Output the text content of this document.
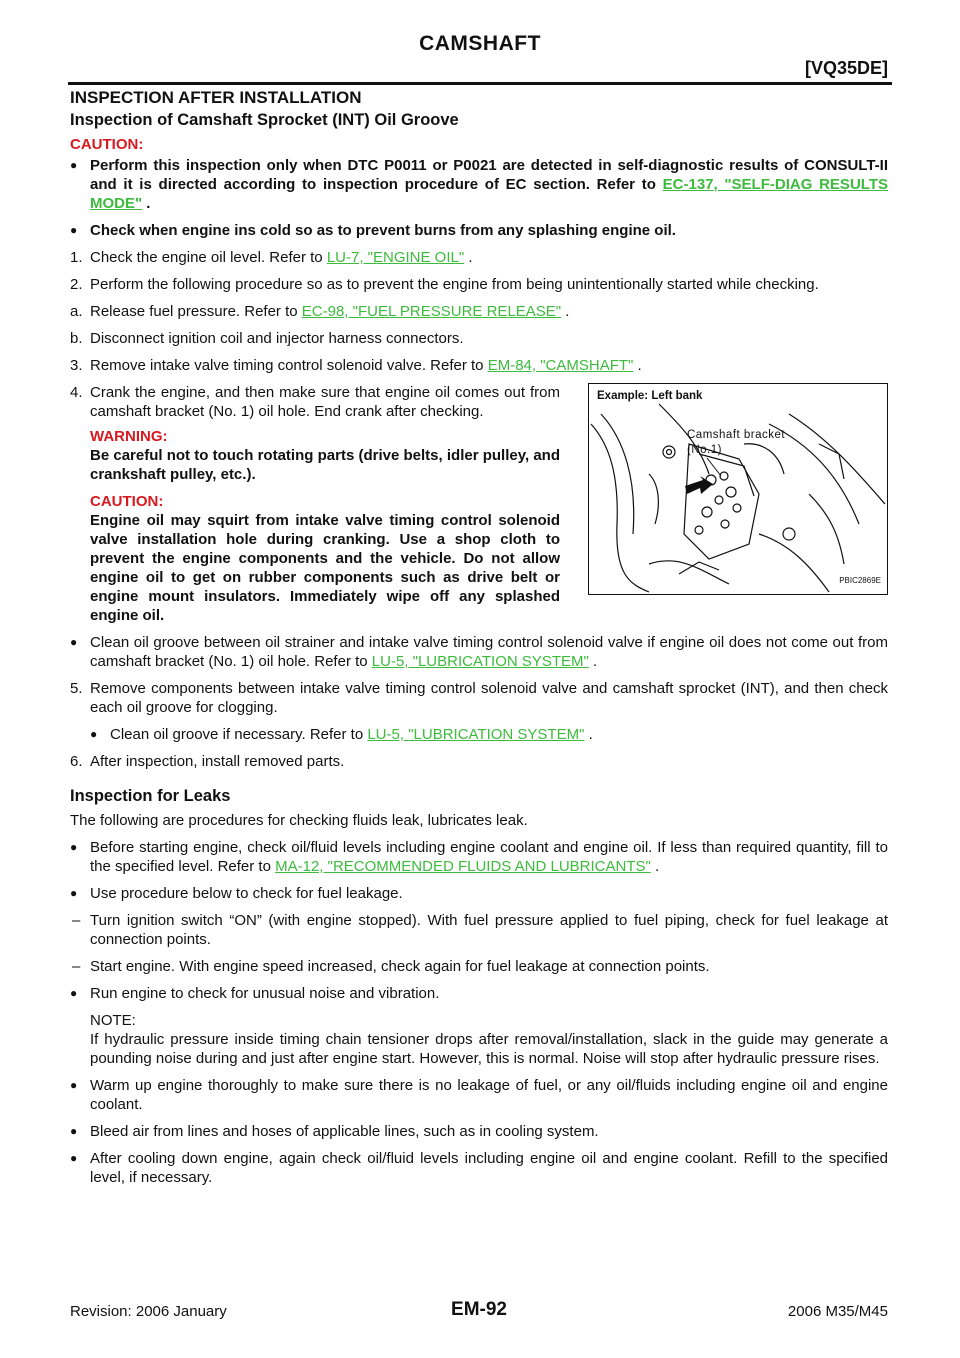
CAMSHAFT
[VQ35DE]
INSPECTION AFTER INSTALLATION
Inspection of Camshaft Sprocket (INT) Oil Groove
CAUTION:
● Perform this inspection only when DTC P0011 or P0021 are detected in self-diagnostic results of CONSULT-II and it is directed according to inspection procedure of EC section. Refer to EC-137, "SELF-DIAG RESULTS MODE" .
● Check when engine ins cold so as to prevent burns from any splashing engine oil.
1. Check the engine oil level. Refer to LU-7, "ENGINE OIL" .
2. Perform the following procedure so as to prevent the engine from being unintentionally started while checking.
a. Release fuel pressure. Refer to EC-98, "FUEL PRESSURE RELEASE" .
b. Disconnect ignition coil and injector harness connectors.
3. Remove intake valve timing control solenoid valve. Refer to EM-84, "CAMSHAFT" .
4. Crank the engine, and then make sure that engine oil comes out from camshaft bracket (No. 1) oil hole. End crank after checking.
WARNING:

Be careful not to touch rotating parts (drive belts, idler pulley, and crankshaft pulley, etc.).

CAUTION:

Engine oil may squirt from intake valve timing control solenoid valve installation hole during cranking. Use a shop cloth to prevent the engine components and the vehicle. Do not allow engine oil to get on rubber components such as drive belt or engine mount insulators. Immediately wipe off any splashed engine oil.

Example: Left bank
Camshaft bracket
(No.1)
PBIC2869E
● Clean oil groove between oil strainer and intake valve timing control solenoid valve if engine oil does not come out from camshaft bracket (No. 1) oil hole. Refer to LU-5, "LUBRICATION SYSTEM" .
5. Remove components between intake valve timing control solenoid valve and camshaft sprocket (INT), and then check each oil groove for clogging.
● Clean oil groove if necessary. Refer to LU-5, "LUBRICATION SYSTEM" .
6. After inspection, install removed parts.
Inspection for Leaks

The following are procedures for checking fluids leak, lubricates leak.

● Before starting engine, check oil/fluid levels including engine coolant and engine oil. If less than required quantity, fill to the specified level. Refer to MA-12, "RECOMMENDED FLUIDS AND LUBRICANTS" .
● Use procedure below to check for fuel leakage.
– Turn ignition switch “ON” (with engine stopped). With fuel pressure applied to fuel piping, check for fuel leakage at connection points.
– Start engine. With engine speed increased, check again for fuel leakage at connection points.
● Run engine to check for unusual noise and vibration.
NOTE:

If hydraulic pressure inside timing chain tensioner drops after removal/installation, slack in the guide may generate a pounding noise during and just after engine start. However, this is normal. Noise will stop after hydraulic pressure rises.

● Warm up engine thoroughly to make sure there is no leakage of fuel, or any oil/fluids including engine oil and engine coolant.
● Bleed air from lines and hoses of applicable lines, such as in cooling system.
● After cooling down engine, again check oil/fluid levels including engine oil and engine coolant. Refill to the specified level, if necessary.
Revision: 2006 January	EM-92	2006 M35/M45
